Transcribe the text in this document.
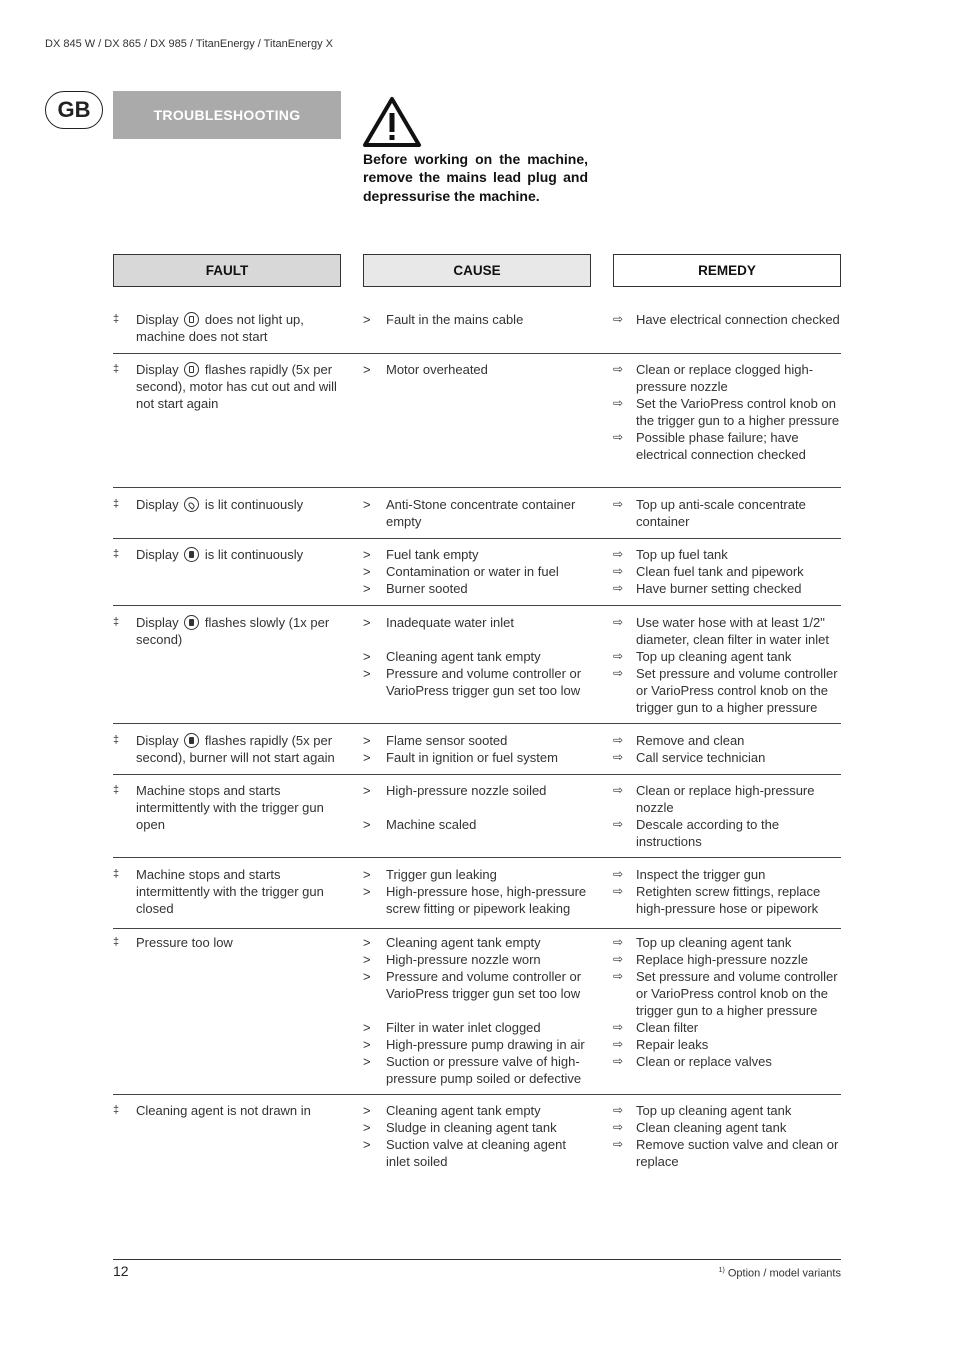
DX 845 W / DX 865 / DX 985 / TitanEnergy / TitanEnergy X
GB	TROUBLESHOOTING
Before working on the machine, remove the mains lead plug and depressurise the machine.
FAULT	CAUSE	REMEDY
‡	Display does not light up, machine does not start
>	Fault in the mains cable	⇨ Have electrical connection checked
‡	Display flashes rapidly (5x per second), motor has cut out and will not start again
>	Motor overheated	⇨ Clean or replace clogged high-pressure nozzle
⇨ Set the VarioPress control knob on the trigger gun to a higher pressure
⇨ Possible phase failure; have electrical connection checked
‡	Display is lit continuously	>	Anti-Stone concentrate container empty
⇨ Top up anti-scale concentrate container
‡	Display is lit continuously	>	Fuel tank empty
>	Contamination or water in fuel
>	Burner sooted
⇨ Top up fuel tank
⇨ Clean fuel tank and pipework
⇨ Have burner setting checked
‡	Display flashes slowly (1x per second)
>	Inadequate water inlet
>	Cleaning agent tank empty
>	Pressure and volume controller or VarioPress trigger gun set too low
⇨ Use water hose with at least 1/2" diameter, clean filter in water inlet
⇨ Top up cleaning agent tank
⇨ Set pressure and volume controller or VarioPress control knob on the trigger gun to a higher pressure
‡	Display flashes rapidly (5x per second), burner will not start again
>	Flame sensor sooted
>	Fault in ignition or fuel system
⇨ Remove and clean
⇨ Call service technician
‡	Machine stops and starts intermittently with the trigger gun open
>	High-pressure nozzle soiled
>	Machine scaled
⇨ Clean or replace high-pressure nozzle
⇨ Descale according to the instructions
‡	Machine stops and starts intermittently with the trigger gun closed
>	Trigger gun leaking
>	High-pressure hose, high-pressure screw fitting or pipework leaking
⇨ Inspect the trigger gun
⇨ Retighten screw fittings, replace high-pressure hose or pipework
‡	Pressure too low	>	Cleaning agent tank empty
>	High-pressure nozzle worn
>	Pressure and volume controller or VarioPress trigger gun set too low
>	Filter in water inlet clogged
>	High-pressure pump drawing in air
>	Suction or pressure valve of high-pressure pump soiled or defective
⇨ Top up cleaning agent tank
⇨ Replace high-pressure nozzle
⇨ Set pressure and volume controller or VarioPress control knob on the trigger gun to a higher pressure
⇨ Clean filter
⇨ Repair leaks
⇨ Clean or replace valves
‡	Cleaning agent is not drawn in	>	Cleaning agent tank empty
>	Sludge in cleaning agent tank
>	Suction valve at cleaning agent inlet soiled
⇨ Top up cleaning agent tank
⇨ Clean cleaning agent tank
⇨ Remove suction valve and clean or replace
12	$^{1)}$ Option / model variants
